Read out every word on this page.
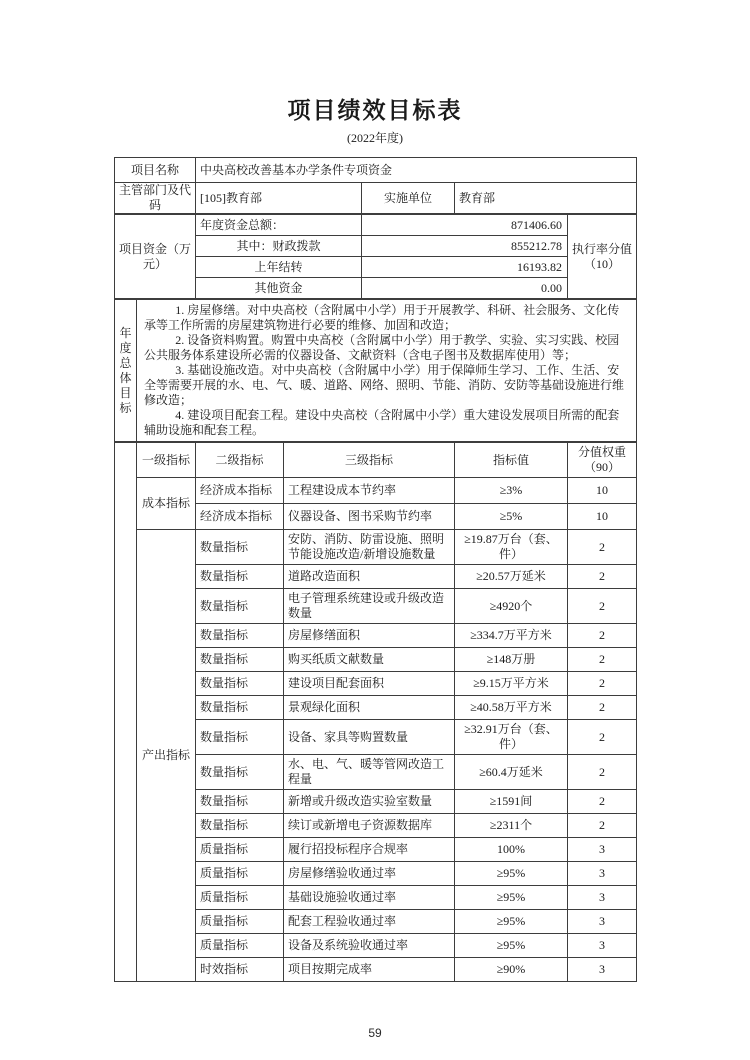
项目绩效目标表
(2022年度)
项目名称	中央高校改善基本办学条件专项资金		
主管部门及代码	[105]教育部	实施单位	教育部
项目资金（万元）	年度资金总额：	871406.60	执行率分值
（10）

	其中：财政拨款	855212.78	
	上年结转	16193.82	
	其他资金	0.00	
年度
总体
目标

1. 房屋修缮。对中央高校（含附属中小学）用于开展教学、科研、社会服务、文化传承等工作所需的房屋建筑物进行必要的维修、加固和改造；

2. 设备资料购置。购置中央高校（含附属中小学）用于教学、实验、实习实践、校园公共服务体系建设所必需的仪器设备、文献资料（含电子图书及数据库使用）等；

3. 基础设施改造。对中央高校（含附属中小学）用于保障师生学习、工作、生活、安全等需要开展的水、电、气、暖、道路、网络、照明、节能、消防、安防等基础设施进行维修改造；

4. 建设项目配套工程。建设中央高校（含附属中小学）重大建设发展项目所需的配套辅助设施和配套工程。

	一级指标	二级指标	三级指标	指标值	分值权重
（90）

	成本指标	经济成本指标	工程建设成本节约率	≥3%	10
		经济成本指标	仪器设备、图书采购节约率	≥5%	10
	产出指标	数量指标	安防、消防、防雷设施、照明节能设施改造/新增设施数量	≥19.87万台（套、件）	2
		数量指标	道路改造面积	≥20.57万延米	2
		数量指标	电子管理系统建设或升级改造数量	≥4920个	2
		数量指标	房屋修缮面积	≥334.7万平方米	2
		数量指标	购买纸质文献数量	≥148万册	2
		数量指标	建设项目配套面积	≥9.15万平方米	2
		数量指标	景观绿化面积	≥40.58万平方米	2
		数量指标	设备、家具等购置数量	≥32.91万台（套、件）	2
		数量指标	水、电、气、暖等管网改造工程量	≥60.4万延米	2
		数量指标	新增或升级改造实验室数量	≥1591间	2
		数量指标	续订或新增电子资源数据库	≥2311个	2
		质量指标	履行招投标程序合规率	100%	3
		质量指标	房屋修缮验收通过率	≥95%	3
		质量指标	基础设施验收通过率	≥95%	3
		质量指标	配套工程验收通过率	≥95%	3
		质量指标	设备及系统验收通过率	≥95%	3
		时效指标	项目按期完成率	≥90%	3
59
